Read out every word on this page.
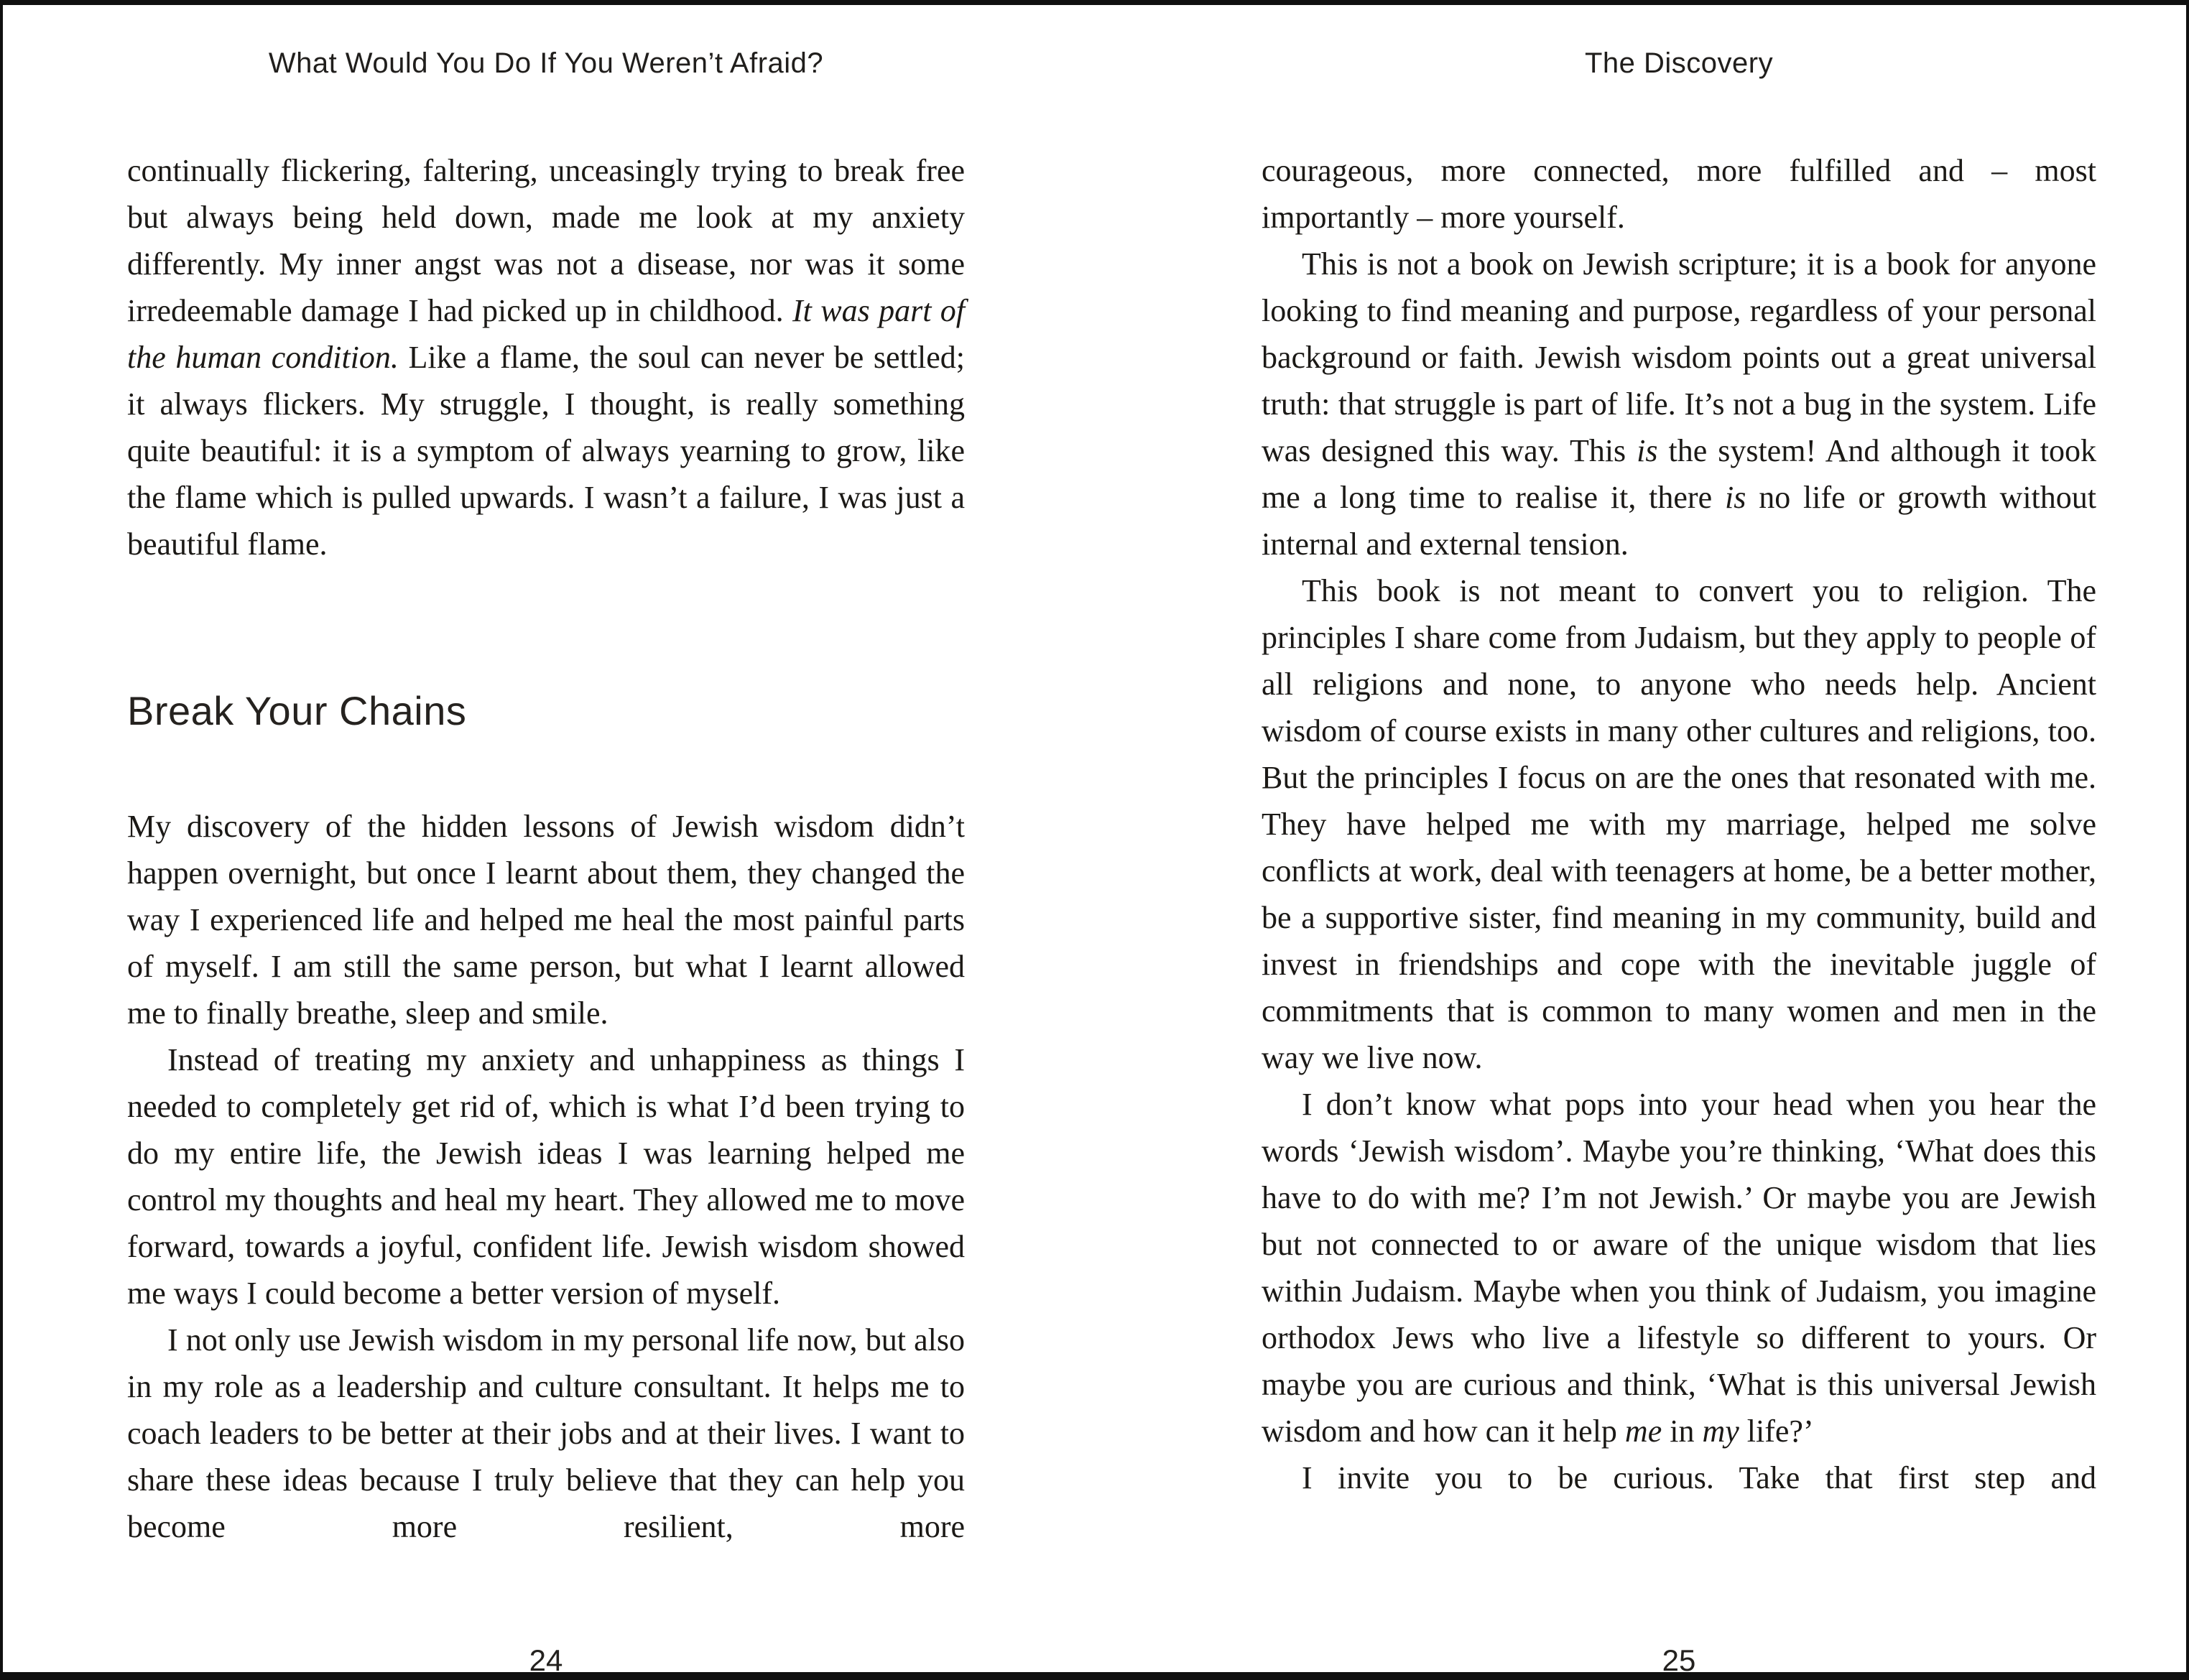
What Would You Do If You Weren’t Afraid?

continually flickering, faltering, unceasingly trying to break free but always being held down, made me look at my anxiety differently. My inner angst was not a disease, nor was it some irredeemable damage I had picked up in childhood. It was part of the human condition. Like a flame, the soul can never be settled; it always flickers. My struggle, I thought, is really something quite beautiful: it is a symptom of always yearning to grow, like the flame which is pulled upwards. I wasn’t a failure, I was just a beautiful flame.

Break Your Chains

My discovery of the hidden lessons of Jewish wisdom didn’t happen overnight, but once I learnt about them, they changed the way I experienced life and helped me heal the most painful parts of myself. I am still the same person, but what I learnt allowed me to finally breathe, sleep and smile.

Instead of treating my anxiety and unhappiness as things I needed to completely get rid of, which is what I’d been trying to do my entire life, the Jewish ideas I was learning helped me control my thoughts and heal my heart. They allowed me to move forward, towards a joyful, confident life. Jewish wisdom showed me ways I could become a better version of myself.

I not only use Jewish wisdom in my personal life now, but also in my role as a leadership and culture consultant. It helps me to coach leaders to be better at their jobs and at their lives. I want to share these ideas because I truly believe that they can help you become more resilient, more

24
The Discovery

courageous, more connected, more fulfilled and – most importantly – more yourself.

This is not a book on Jewish scripture; it is a book for anyone looking to find meaning and purpose, regardless of your personal background or faith. Jewish wisdom points out a great universal truth: that struggle is part of life. It’s not a bug in the system. Life was designed this way. This is the system! And although it took me a long time to realise it, there is no life or growth without internal and external tension.

This book is not meant to convert you to religion. The principles I share come from Judaism, but they apply to people of all religions and none, to anyone who needs help. Ancient wisdom of course exists in many other cultures and religions, too. But the principles I focus on are the ones that resonated with me. They have helped me with my marriage, helped me solve conflicts at work, deal with teenagers at home, be a better mother, be a supportive sister, find meaning in my community, build and invest in friendships and cope with the inevitable juggle of commitments that is common to many women and men in the way we live now.

I don’t know what pops into your head when you hear the words ‘Jewish wisdom’. Maybe you’re thinking, ‘What does this have to do with me? I’m not Jewish.’ Or maybe you are Jewish but not connected to or aware of the unique wisdom that lies within Judaism. Maybe when you think of Judaism, you imagine orthodox Jews who live a lifestyle so different to yours. Or maybe you are curious and think, ‘What is this universal Jewish wisdom and how can it help me in my life?’

I invite you to be curious. Take that first step and

25
